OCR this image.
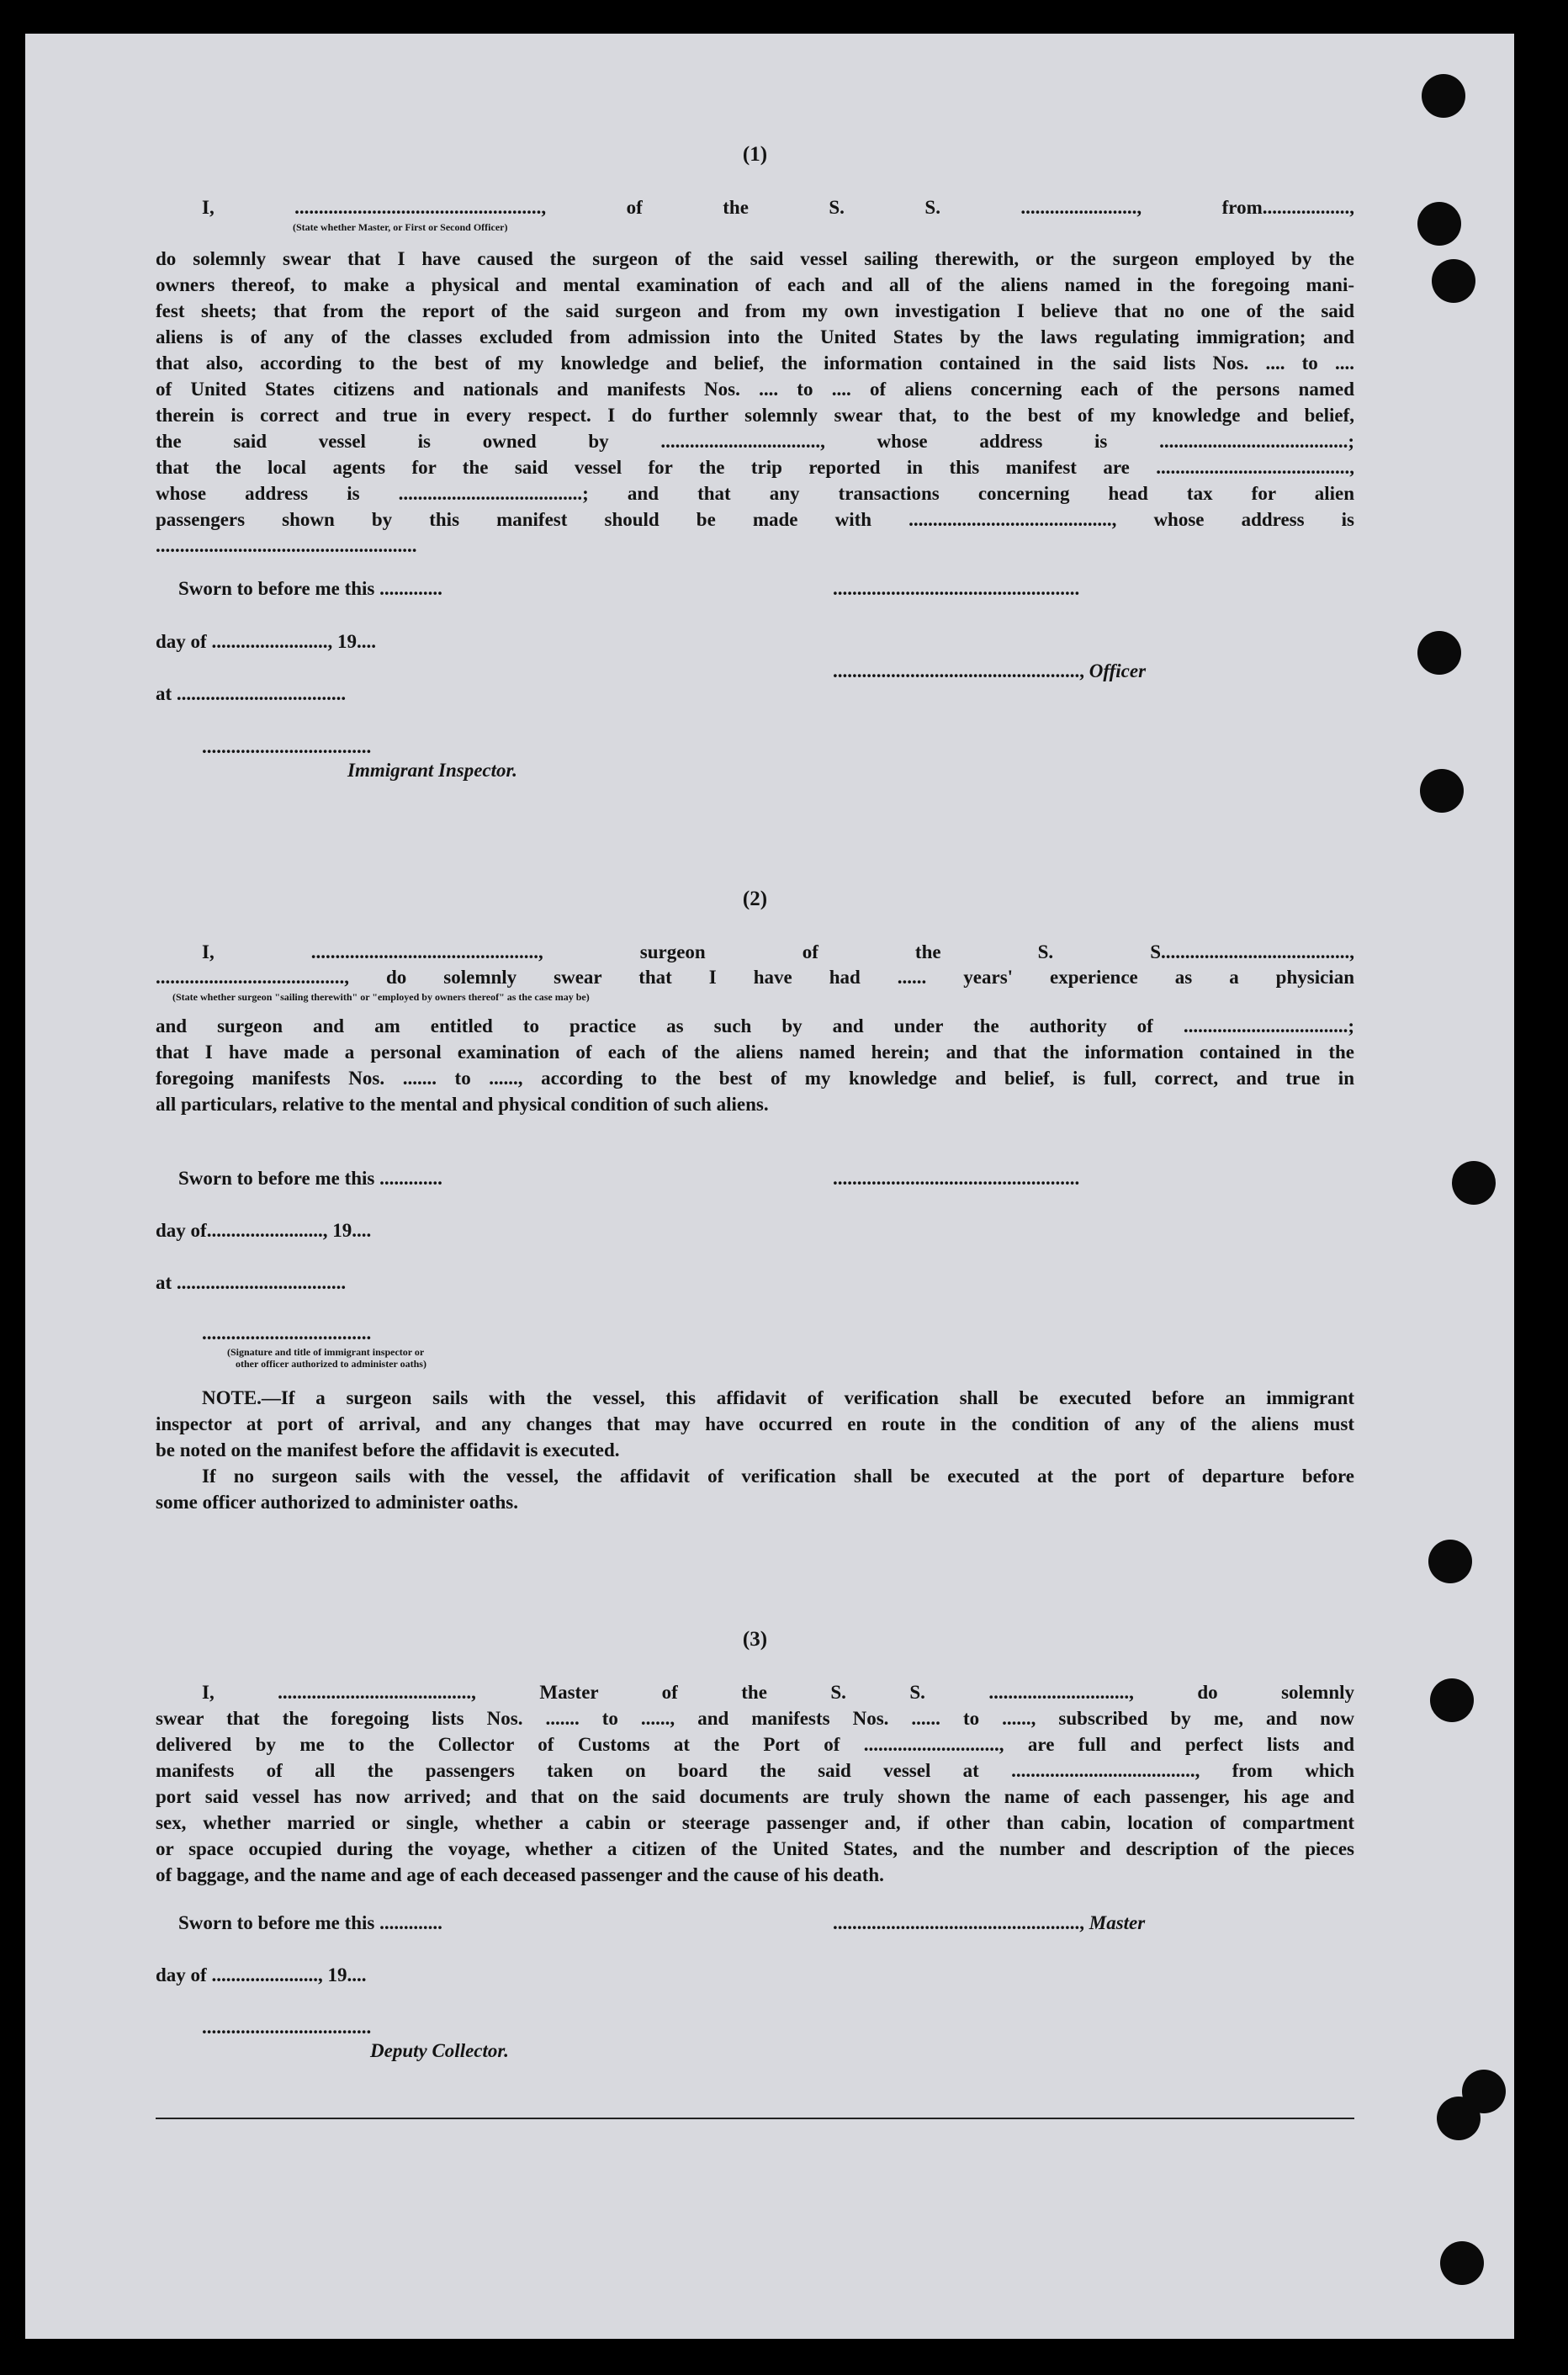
(1)
I, ..................................................., of the S. S. ........................, from..................,
(State whether Master, or First or Second Officer)
do solemnly swear that I have caused the surgeon of the said vessel sailing therewith, or the surgeon employed by the
owners thereof, to make a physical and mental examination of each and all of the aliens named in the foregoing mani-
fest sheets; that from the report of the said surgeon and from my own investigation I believe that no one of the said
aliens is of any of the classes excluded from admission into the United States by the laws regulating immigration; and
that also, according to the best of my knowledge and belief, the information contained in the said lists Nos. .... to ....
of United States citizens and nationals and manifests Nos. .... to .... of aliens concerning each of the persons named
therein is correct and true in every respect. I do further solemnly swear that, to the best of my knowledge and belief,
the said vessel is owned by ................................., whose address is .......................................;
that the local agents for the said vessel for the trip reported in this manifest are ........................................,
whose address is ......................................; and that any transactions concerning head tax for alien
passengers shown by this manifest should be made with .........................................., whose address is
......................................................
Sworn to before me this .............	...................................................
day of ........................, 19....
..................................................., Officer
at ...................................
...................................
Immigrant Inspector.
(2)
I, ..............................................., surgeon of the S. S.......................................,
......................................., do solemnly swear that I have had ...... years' experience as a physician
(State whether surgeon "sailing therewith" or "employed by owners thereof" as the case may be)
and surgeon and am entitled to practice as such by and under the authority of ..................................;
that I have made a personal examination of each of the aliens named herein; and that the information contained in the
foregoing manifests Nos. ....... to ......, according to the best of my knowledge and belief, is full, correct, and true in
all particulars, relative to the mental and physical condition of such aliens.
Sworn to before me this .............	...................................................
day of........................, 19....
at ...................................
...................................
(Signature and title of immigrant inspector or
other officer authorized to administer oaths)
NOTE.—If a surgeon sails with the vessel, this affidavit of verification shall be executed before an immigrant
inspector at port of arrival, and any changes that may have occurred en route in the condition of any of the aliens must
be noted on the manifest before the affidavit is executed.
If no surgeon sails with the vessel, the affidavit of verification shall be executed at the port of departure before
some officer authorized to administer oaths.
(3)
I, ........................................, Master of the S. S. ............................., do solemnly
swear that the foregoing lists Nos. ....... to ......, and manifests Nos. ...... to ......, subscribed by me, and now
delivered by me to the Collector of Customs at the Port of ............................, are full and perfect lists and
manifests of all the passengers taken on board the said vessel at ......................................, from which
port said vessel has now arrived; and that on the said documents are truly shown the name of each passenger, his age and
sex, whether married or single, whether a cabin or steerage passenger and, if other than cabin, location of compartment
or space occupied during the voyage, whether a citizen of the United States, and the number and description of the pieces
of baggage, and the name and age of each deceased passenger and the cause of his death.
Sworn to before me this .............	..................................................., Master
day of ......................, 19....
...................................
Deputy Collector.
